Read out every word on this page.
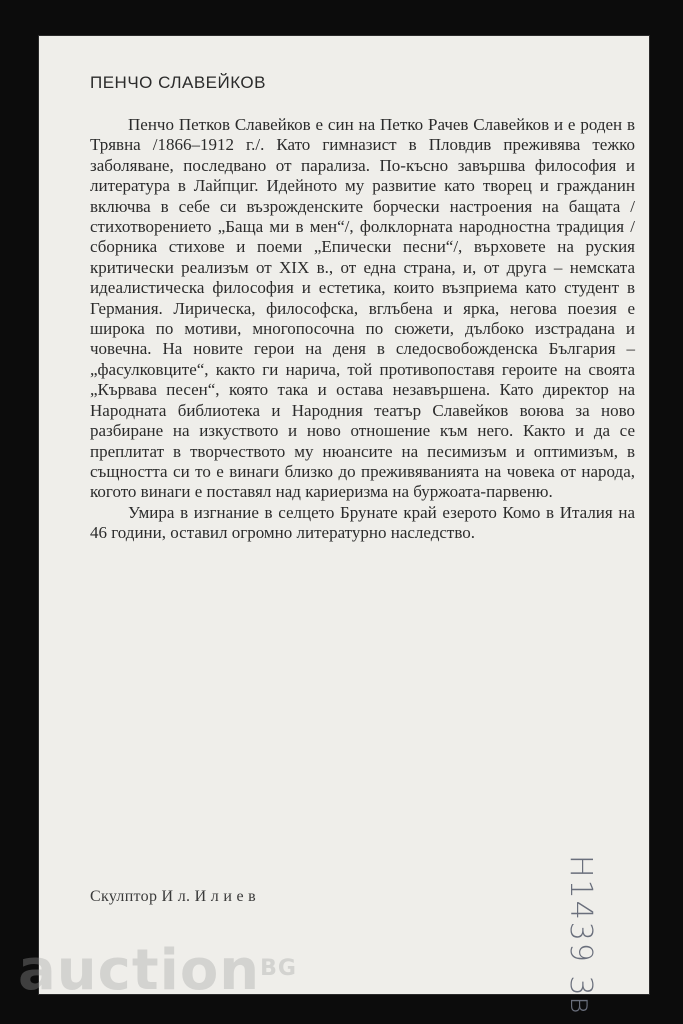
ПЕНЧО СЛАВЕЙКОВ

Пенчо Петков Славейков е син на Петко Рачев Славейков и е роден в Трявна /1866–1912 г./. Като гимназист в Пловдив преживява тежко заболяване, последвано от парализа. По-късно завършва философия и литература в Лайпциг. Идейното му развитие като творец и гражданин включва в себе си възрожденските борчески настроения на бащата /стихотворението „Баща ми в мен“/, фолклорната народностна традиция /сборника стихове и поеми „Епически песни“/, върховете на руския критически реализъм от XIX в., от една страна, и, от друга – немската идеалистическа философия и естетика, които възприема като студент в Германия. Лирическа, философска, вглъбена и ярка, негова поезия е широка по мотиви, многопосочна по сюжети, дълбоко изстрадана и човечна. На новите герои на деня в следосвобожденска България – „фасулковците“, както ги нарича, той противопоставя героите на своята „Кървава песен“, която така и остава незавършена. Като директор на Народната библиотека и Народния театър Славейков воюва за ново разбиране на изкуството и ново отношение към него. Както и да се преплитат в творчеството му нюансите на песимизъм и оптимизъм, в същността си то е винаги близко до преживяванията на човека от народа, когото винаги е поставял над кариеризма на буржоата-парвеню.

Умира в изгнание в селцето Брунате край езерото Комо в Италия на 46 години, оставил огромно литературно наследство.

Скулптор И л. И л и е в	Н1439 Зв
auction$^{BG}$
